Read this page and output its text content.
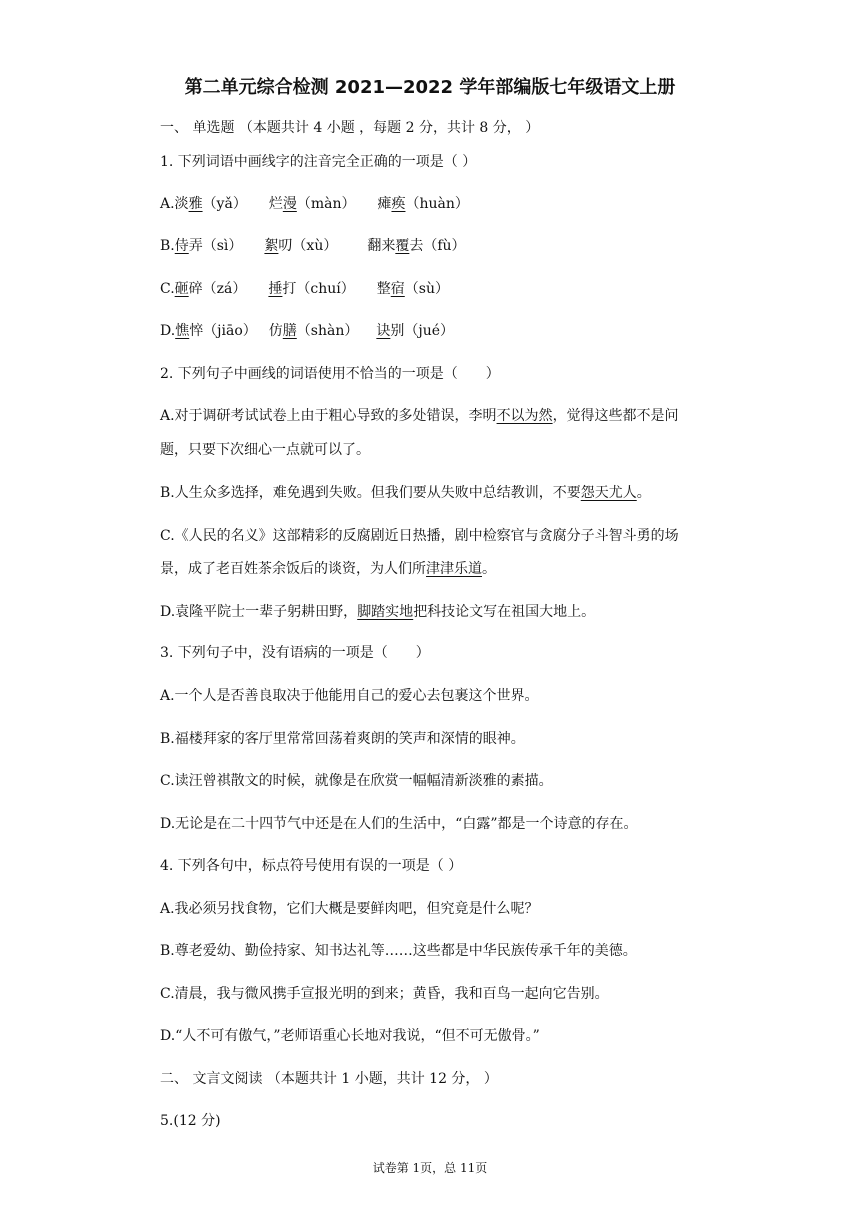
第二单元综合检测 2021—2022 学年部编版七年级语文上册
一、 单选题 （本题共计 4 小题 ，每题 2 分，共计 8 分， ）
1. 下列词语中画线字的注音完全正确的一项是（ ）
A.淡雅（yǎ） 烂漫（màn） 瘫痪（huàn）
B.侍弄（sì） 絮叨（xù） 翻来覆去（fù）
C.砸碎（zá） 捶打（chuí） 整宿（sù）
D.憔悴（jiāo） 仿膳（shàn） 诀别（jué）
2. 下列句子中画线的词语使用不恰当的一项是（　　）
A.对于调研考试试卷上由于粗心导致的多处错误，李明不以为然，觉得这些都不是问
题，只要下次细心一点就可以了。
B.人生众多选择，难免遇到失败。但我们要从失败中总结教训，不要怨天尤人。
C.《人民的名义》这部精彩的反腐剧近日热播，剧中检察官与贪腐分子斗智斗勇的场
景，成了老百姓茶余饭后的谈资，为人们所津津乐道。
D.袁隆平院士一辈子躬耕田野，脚踏实地把科技论文写在祖国大地上。
3. 下列句子中，没有语病的一项是（　　）
A.一个人是否善良取决于他能用自己的爱心去包裹这个世界。
B.福楼拜家的客厅里常常回荡着爽朗的笑声和深情的眼神。
C.读汪曾祺散文的时候，就像是在欣赏一幅幅清新淡雅的素描。
D.无论是在二十四节气中还是在人们的生活中，“白露”都是一个诗意的存在。
4. 下列各句中，标点符号使用有误的一项是（ ）
A.我必须另找食物，它们大概是要鲜肉吧，但究竟是什么呢？
B.尊老爱幼、勤俭持家、知书达礼等……这些都是中华民族传承千年的美德。
C.清晨，我与微风携手宣报光明的到来；黄昏，我和百鸟一起向它告别。
D.“人不可有傲气，”老师语重心长地对我说，“但不可无傲骨。”
二、 文言文阅读 （本题共计 1 小题，共计 12 分， ）
5.(12 分)
试卷第 1页，总 11页
